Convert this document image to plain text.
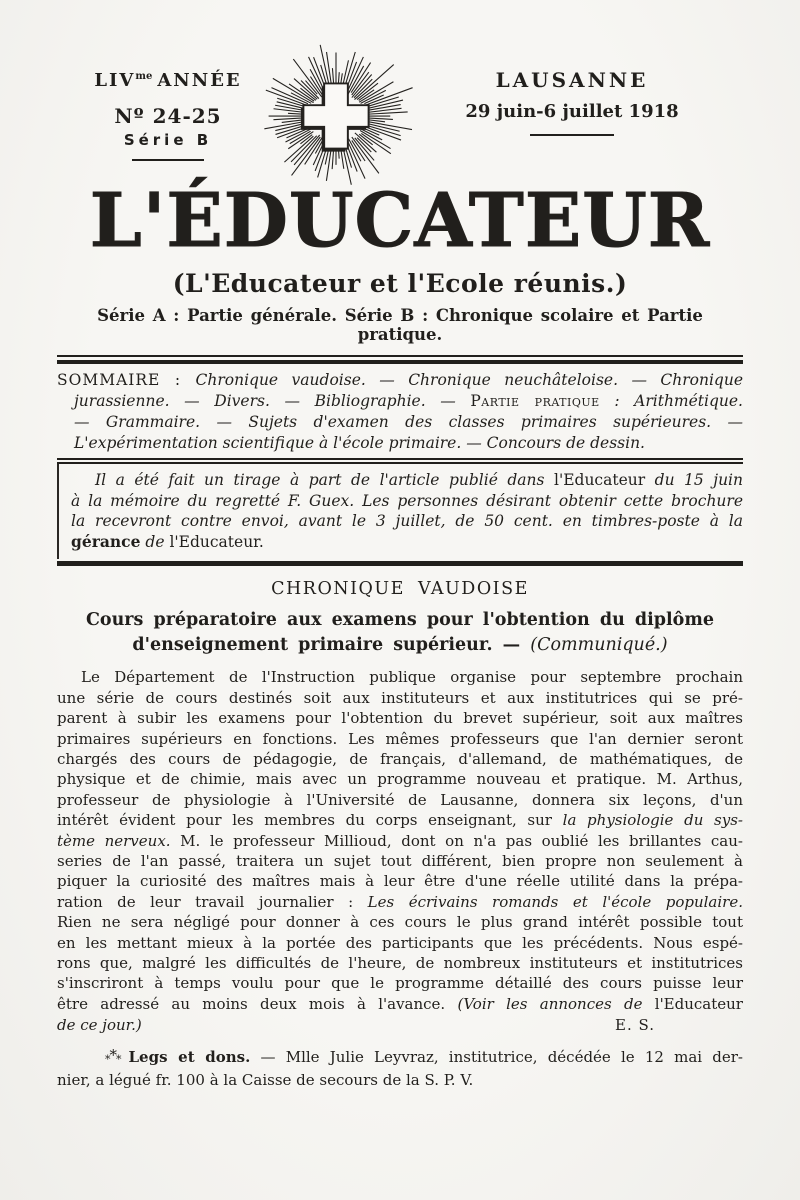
$LIV^{me}$ ANNÉE
Nº 24-25
Série B
LAUSANNE
29 juin-6 juillet 1918
L'ÉDUCATEUR
(L'Educateur et l'Ecole réunis.)
Série A : Partie générale. Série B : Chronique scolaire et Partie pratique.
SOMMAIRE : Chronique vaudoise. — Chronique neuchâteloise. — Chronique
jurassienne. — Divers. — Bibliographie. — Partie pratique : Arithmétique.
— Grammaire. — Sujets d'examen des classes primaires supérieures. —
L'expérimentation scientifique à l'école primaire. — Concours de dessin.
Il a été fait un tirage à part de l'article publié dans l'Educateur du 15 juin
à la mémoire du regretté F. Guex. Les personnes désirant obtenir cette brochure
la recevront contre envoi, avant le 3 juillet, de 50 cent. en timbres-poste à la
gérance de l'Educateur.
CHRONIQUE VAUDOISE
Cours préparatoire aux examens pour l'obtention du diplôme
d'enseignement primaire supérieur. — (Communiqué.)
Le Département de l'Instruction publique organise pour septembre prochain
une série de cours destinés soit aux instituteurs et aux institutrices qui se pré-
parent à subir les examens pour l'obtention du brevet supérieur, soit aux maîtres
primaires supérieurs en fonctions. Les mêmes professeurs que l'an dernier seront
chargés des cours de pédagogie, de français, d'allemand, de mathématiques, de
physique et de chimie, mais avec un programme nouveau et pratique. M. Arthus,
professeur de physiologie à l'Université de Lausanne, donnera six leçons, d'un
intérêt évident pour les membres du corps enseignant, sur la physiologie du sys-
tème nerveux. M. le professeur Millioud, dont on n'a pas oublié les brillantes cau-
series de l'an passé, traitera un sujet tout différent, bien propre non seulement à
piquer la curiosité des maîtres mais à leur être d'une réelle utilité dans la prépa-
ration de leur travail journalier : Les écrivains romands et l'école populaire.
Rien ne sera négligé pour donner à ces cours le plus grand intérêt possible tout
en les mettant mieux à la portée des participants que les précédents. Nous espé-
rons que, malgré les difficultés de l'heure, de nombreux instituteurs et institutrices
s'inscriront à temps voulu pour que le programme détaillé des cours puisse leur
être adressé au moins deux mois à l'avance. (Voir les annonces de l'Educateur
de ce jour.)	E. S.
*** Legs et dons. — Mlle Julie Leyvraz, institutrice, décédée le 12 mai der-
nier, a légué fr. 100 à la Caisse de secours de la S. P. V.
